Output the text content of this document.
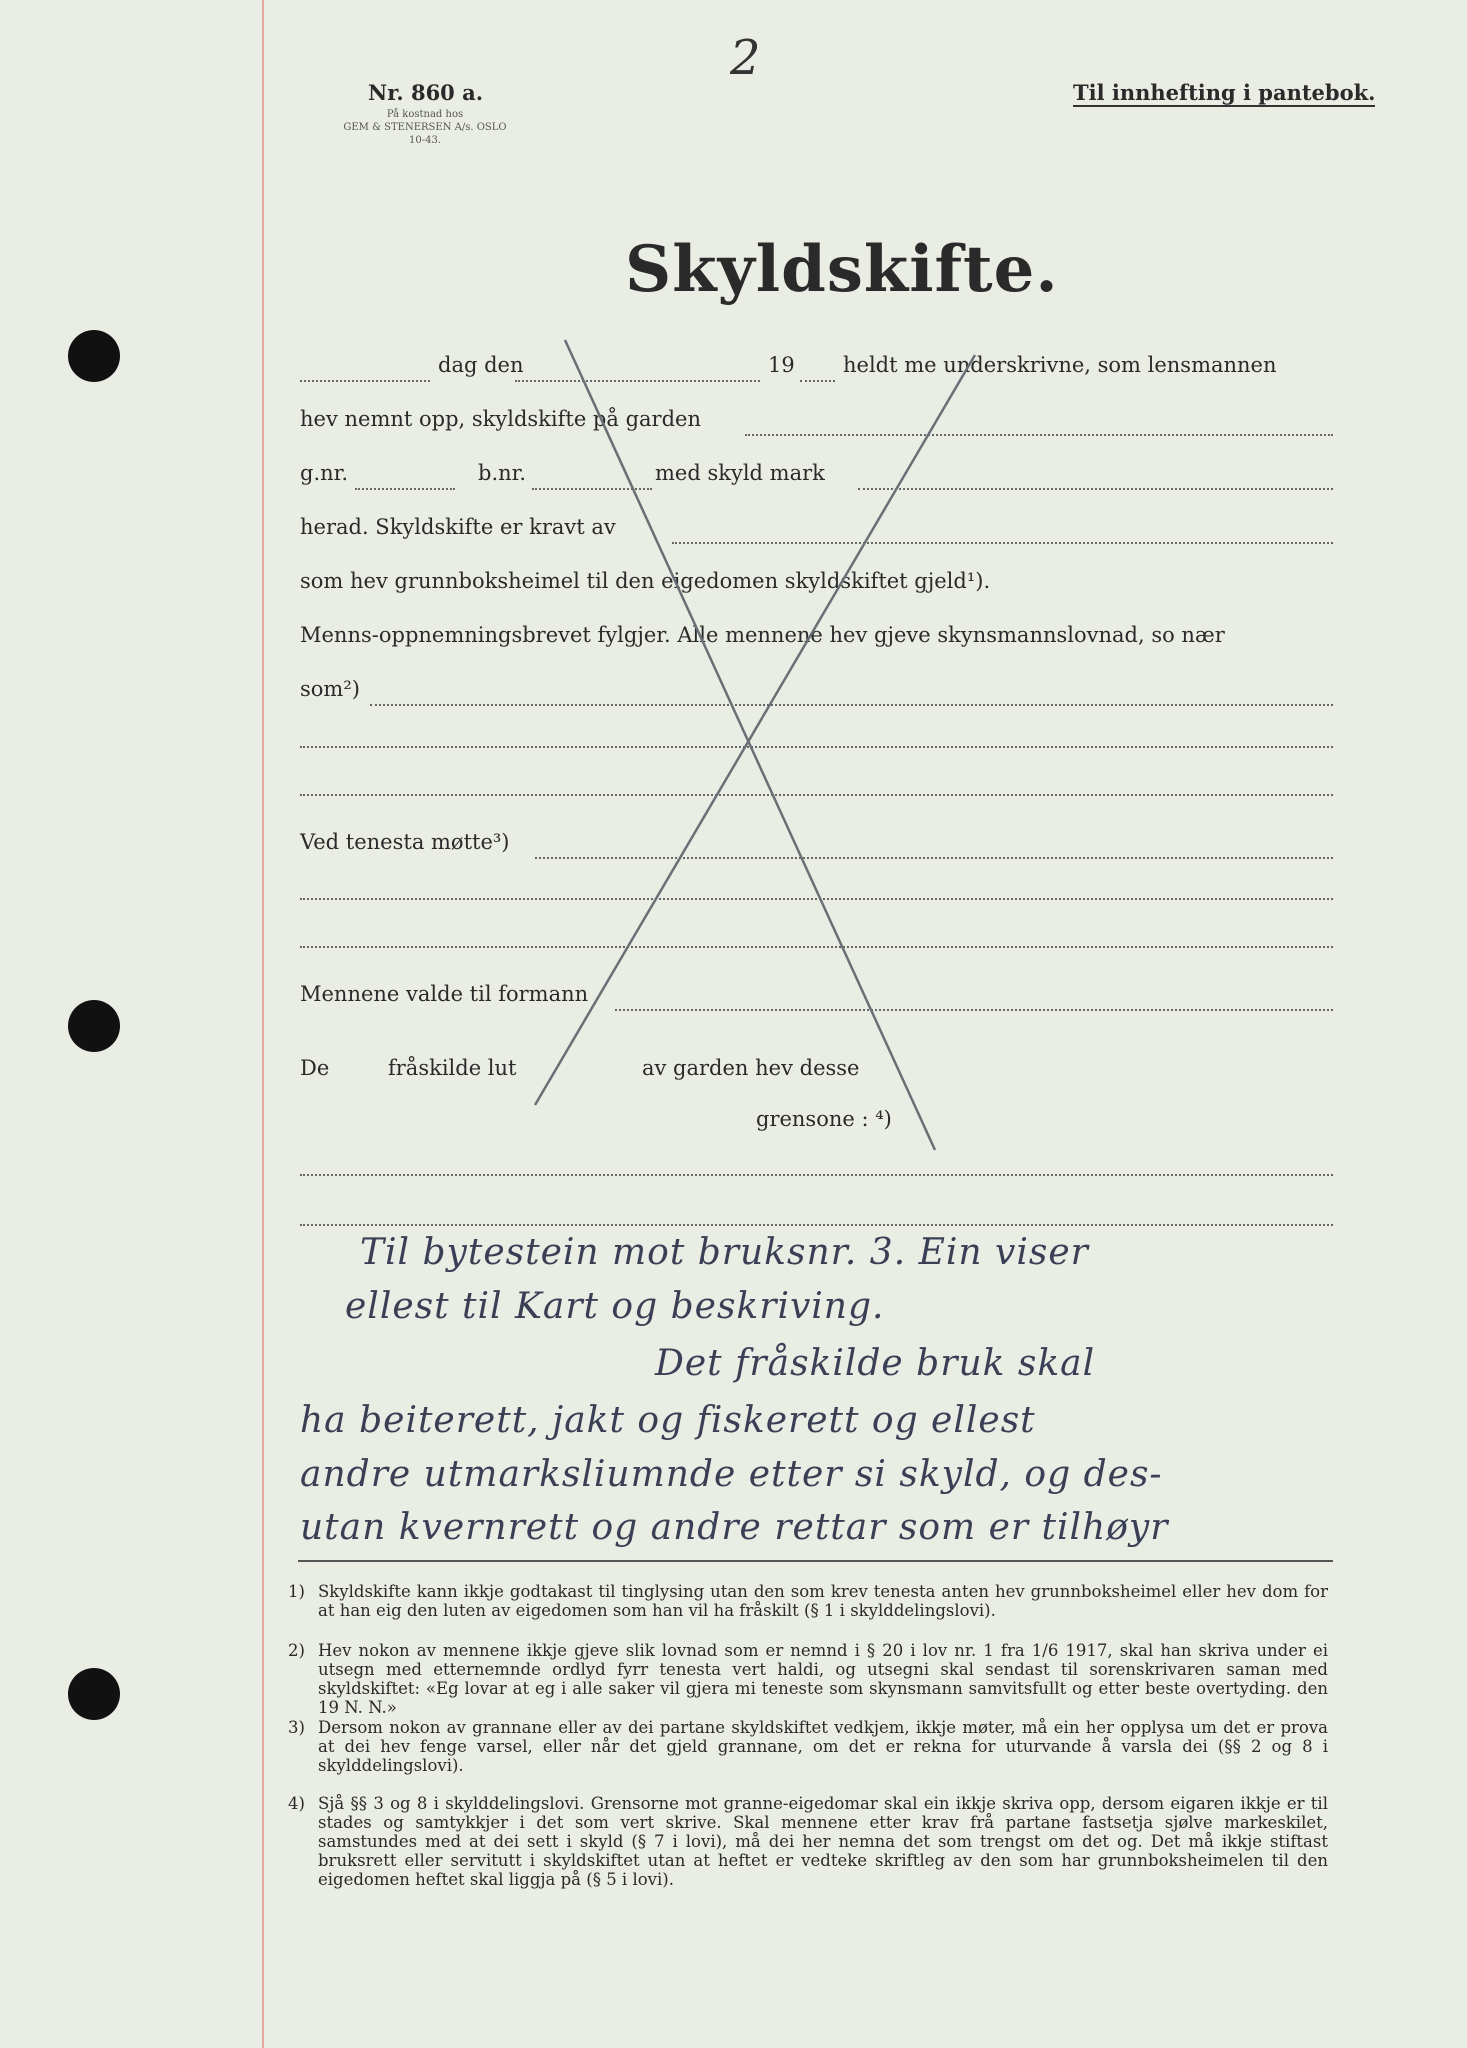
Nr. 860 a.
På kostnad hos
GEM & STENERSEN A/s. OSLO
10-43.
2
Til innhefting i pantebok.
Skyldskifte.
dag den	19 heldt me underskrivne, som lensmannen
hev nemnt opp, skyldskifte på garden
g.nr.	b.nr.	med skyld mark
herad. Skyldskifte er kravt av
som hev grunnboksheimel til den eigedomen skyldskiftet gjeld¹).
Menns-oppnemningsbrevet fylgjer. Alle mennene hev gjeve skynsmannslovnad, so nær
som²)
Ved tenesta møtte³)
Mennene valde til formann
De	fråskilde lut	av garden hev desse
grensone : ⁴)
Til bytestein mot bruksnr. 3. Ein viser
ellest til Kart og beskriving.
Det fråskilde bruk skal
ha beiterett, jakt og fiskerett og ellest
andre utmarksliumnde etter si skyld, og des-
utan kvernrett og andre rettar som er tilhøyr
1) Skyldskifte kann ikkje godtakast til tinglysing utan den som krev tenesta anten hev grunnboksheimel eller hev dom for at han eig den luten av eigedomen som han vil ha fråskilt (§ 1 i skylddelingslovi).
2) Hev nokon av mennene ikkje gjeve slik lovnad som er nemnd i § 20 i lov nr. 1 fra 1/6 1917, skal han skriva under ei utsegn med etternemnde ordlyd fyrr tenesta vert haldi, og utsegni skal sendast til sorenskrivaren saman med skyldskiftet: «Eg lovar at eg i alle saker vil gjera mi teneste som skynsmann samvitsfullt og etter beste overtyding. den 19 N. N.»
3) Dersom nokon av grannane eller av dei partane skyldskiftet vedkjem, ikkje møter, må ein her opplysa um det er prova at dei hev fenge varsel, eller når det gjeld grannane, om det er rekna for uturvande å varsla dei (§§ 2 og 8 i skylddelingslovi).
4) Sjå §§ 3 og 8 i skylddelingslovi. Grensorne mot granne-eigedomar skal ein ikkje skriva opp, dersom eigaren ikkje er til stades og samtykkjer i det som vert skrive. Skal mennene etter krav frå partane fastsetja sjølve markeskilet, samstundes med at dei sett i skyld (§ 7 i lovi), må dei her nemna det som trengst om det og. Det må ikkje stiftast bruksrett eller servitutt i skyldskiftet utan at heftet er vedteke skriftleg av den som har grunnboksheimelen til den eigedomen heftet skal liggja på (§ 5 i lovi).
